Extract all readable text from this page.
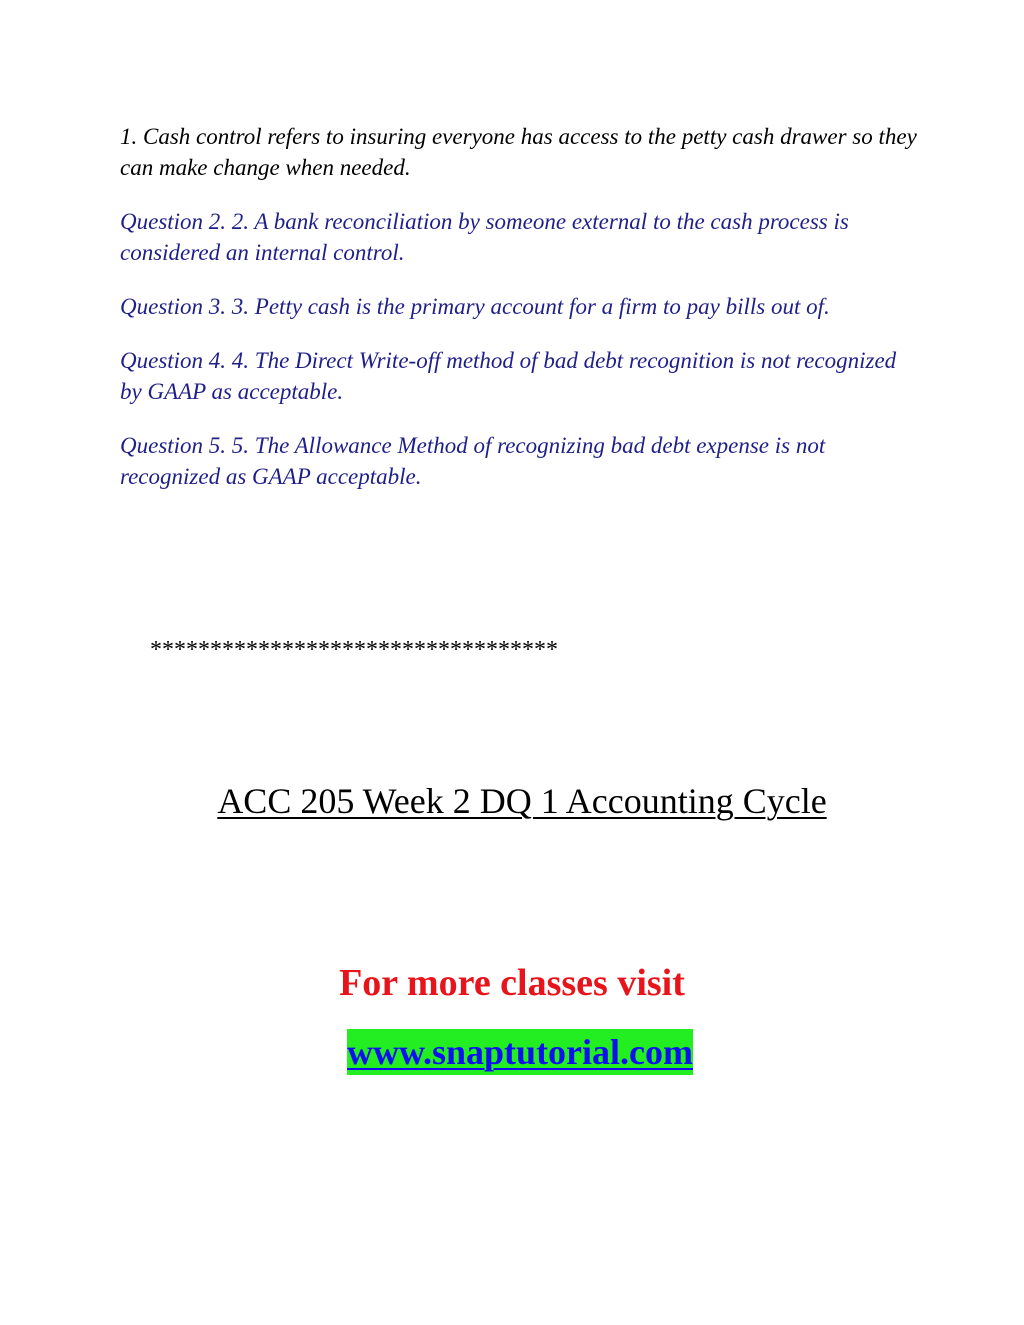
1. Cash control refers to insuring everyone has access to the petty cash drawer so they can make change when needed.

Question 2. 2. A bank reconciliation by someone external to the cash process is considered an internal control.

Question 3. 3. Petty cash is the primary account for a firm to pay bills out of.

Question 4. 4. The Direct Write-off method of bad debt recognition is not recognized by GAAP as acceptable.

Question 5. 5. The Allowance Method of recognizing bad debt expense is not recognized as GAAP acceptable.

**********************************
ACC 205 Week 2 DQ 1 Accounting Cycle
For more classes visit
www.snaptutorial.com
